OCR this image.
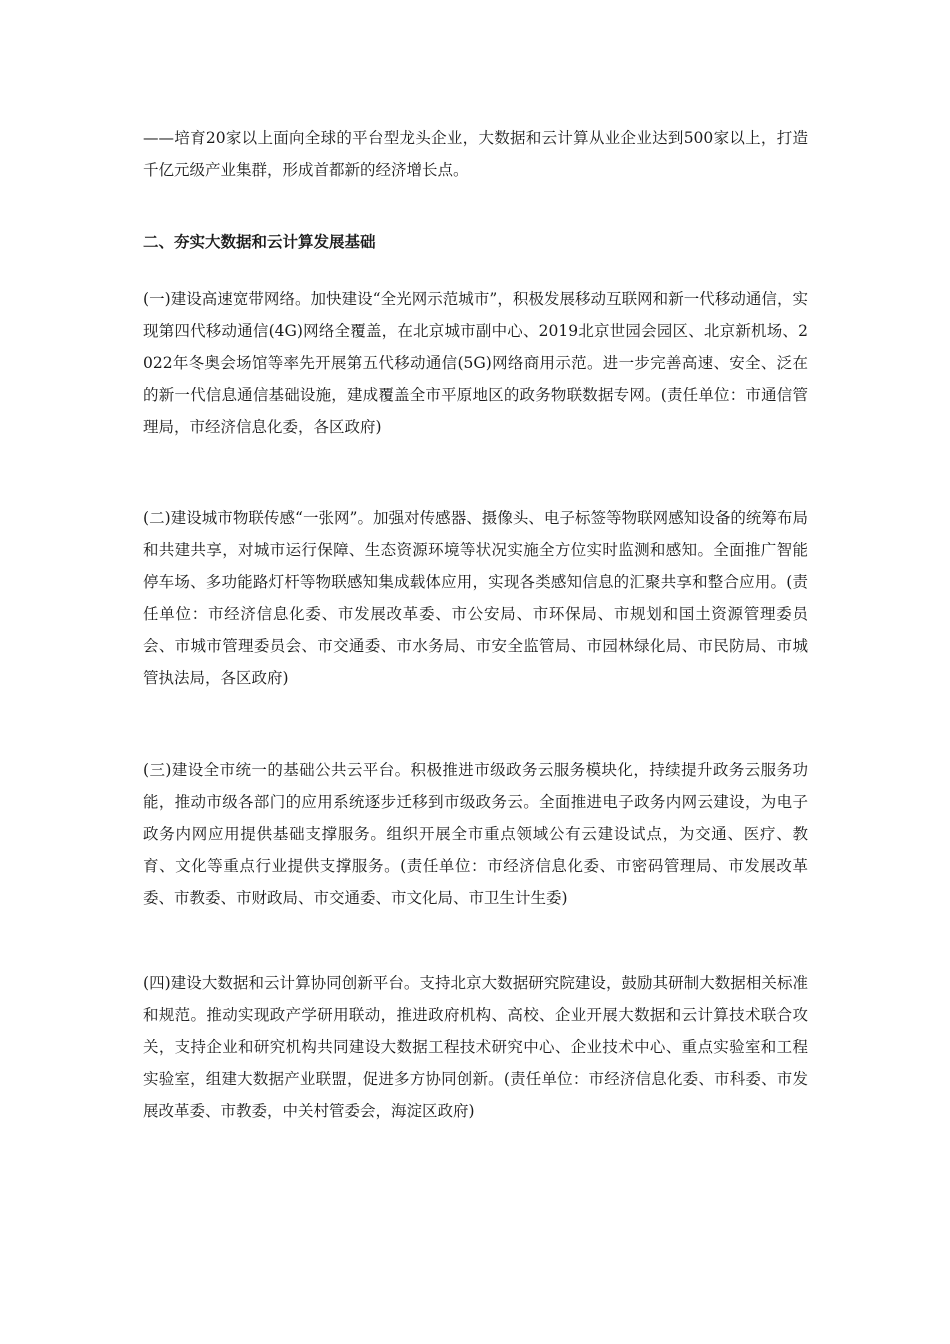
——培育20家以上面向全球的平台型龙头企业，大数据和云计算从业企业达到500家以上，打造千亿元级产业集群，形成首都新的经济增长点。

二、夯实大数据和云计算发展基础

(一)建设高速宽带网络。加快建设“全光网示范城市”，积极发展移动互联网和新一代移动通信，实现第四代移动通信(4G)网络全覆盖，在北京城市副中心、2019北京世园会园区、北京新机场、2022年冬奥会场馆等率先开展第五代移动通信(5G)网络商用示范。进一步完善高速、安全、泛在的新一代信息通信基础设施，建成覆盖全市平原地区的政务物联数据专网。(责任单位：市通信管理局，市经济信息化委，各区政府)

(二)建设城市物联传感“一张网”。加强对传感器、摄像头、电子标签等物联网感知设备的统筹布局和共建共享，对城市运行保障、生态资源环境等状况实施全方位实时监测和感知。全面推广智能停车场、多功能路灯杆等物联感知集成载体应用，实现各类感知信息的汇聚共享和整合应用。(责任单位：市经济信息化委、市发展改革委、市公安局、市环保局、市规划和国土资源管理委员会、市城市管理委员会、市交通委、市水务局、市安全监管局、市园林绿化局、市民防局、市城管执法局，各区政府)

(三)建设全市统一的基础公共云平台。积极推进市级政务云服务模块化，持续提升政务云服务功能，推动市级各部门的应用系统逐步迁移到市级政务云。全面推进电子政务内网云建设，为电子政务内网应用提供基础支撑服务。组织开展全市重点领域公有云建设试点，为交通、医疗、教育、文化等重点行业提供支撑服务。(责任单位：市经济信息化委、市密码管理局、市发展改革委、市教委、市财政局、市交通委、市文化局、市卫生计生委)

(四)建设大数据和云计算协同创新平台。支持北京大数据研究院建设，鼓励其研制大数据相关标准和规范。推动实现政产学研用联动，推进政府机构、高校、企业开展大数据和云计算技术联合攻关，支持企业和研究机构共同建设大数据工程技术研究中心、企业技术中心、重点实验室和工程实验室，组建大数据产业联盟，促进多方协同创新。(责任单位：市经济信息化委、市科委、市发展改革委、市教委，中关村管委会，海淀区政府)
